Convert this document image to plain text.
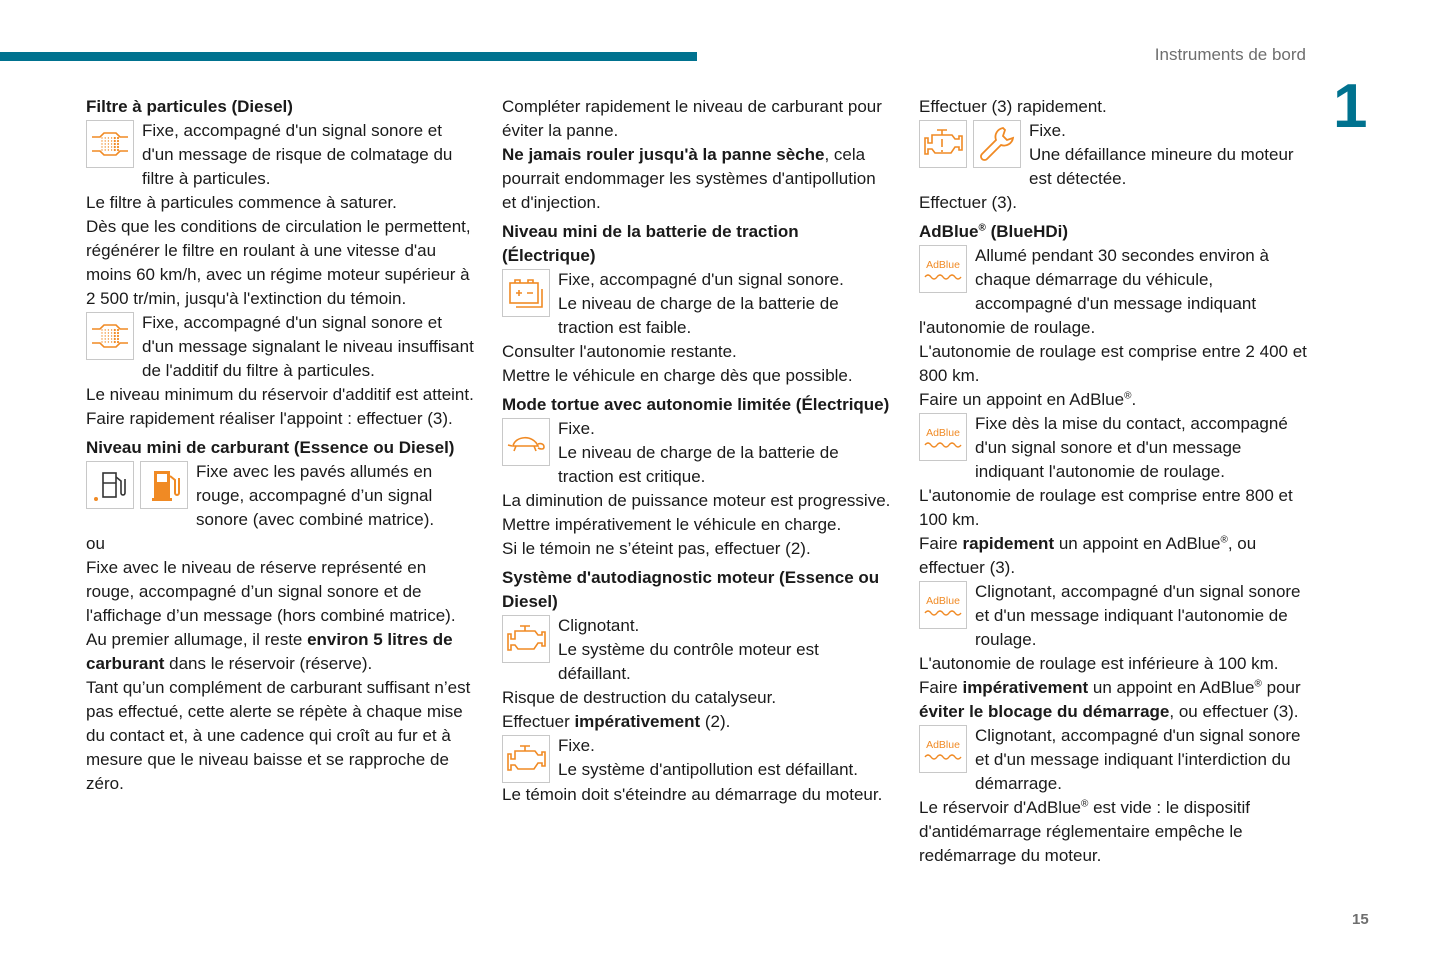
Instruments de bord
1
15
Filtre à particules (Diesel)
Fixe, accompagné d'un signal sonore et d'un message de risque de colmatage du filtre à particules.
Le filtre à particules commence à saturer.
Dès que les conditions de circulation le permettent, régénérer le filtre en roulant à une vitesse d'au moins 60 km/h, avec un régime moteur supérieur à 2 500 tr/min, jusqu'à l'extinction du témoin.
Fixe, accompagné d'un signal sonore et d'un message signalant le niveau insuffisant de l'additif du filtre à particules.
Le niveau minimum du réservoir d'additif est atteint.
Faire rapidement réaliser l'appoint : effectuer (3).
Niveau mini de carburant (Essence ou Diesel)
Fixe avec les pavés allumés en rouge, accompagné d’un signal sonore (avec combiné matrice).
ou
Fixe avec le niveau de réserve représenté en rouge, accompagné d’un signal sonore et de l'affichage d’un message (hors combiné matrice).
Au premier allumage, il reste environ 5 litres de carburant dans le réservoir (réserve).
Tant qu’un complément de carburant suffisant n’est pas effectué, cette alerte se répète à chaque mise du contact et, à une cadence qui croît au fur et à mesure que le niveau baisse et se rapproche de zéro.
Compléter rapidement le niveau de carburant pour éviter la panne.
Ne jamais rouler jusqu'à la panne sèche, cela pourrait endommager les systèmes d'antipollution et d'injection.
Niveau mini de la batterie de traction (Électrique)
Fixe, accompagné d'un signal sonore.
Le niveau de charge de la batterie de traction est faible.
Consulter l'autonomie restante.
Mettre le véhicule en charge dès que possible.
Mode tortue avec autonomie limitée (Électrique)
Fixe.
Le niveau de charge de la batterie de traction est critique.
La diminution de puissance moteur est progressive.
Mettre impérativement le véhicule en charge.
Si le témoin ne s’éteint pas, effectuer (2).
Système d'autodiagnostic moteur (Essence ou Diesel)
Clignotant.
Le système du contrôle moteur est défaillant.
Risque de destruction du catalyseur.
Effectuer impérativement (2).
Fixe.
Le système d'antipollution est défaillant.
Le témoin doit s'éteindre au démarrage du moteur.
Effectuer (3) rapidement.
Fixe.
Une défaillance mineure du moteur est détectée.
Effectuer (3).
AdBlue® (BlueHDi)
AdBlue Allumé pendant 30 secondes environ à chaque démarrage du véhicule, accompagné d'un message indiquant l'autonomie de roulage.
L'autonomie de roulage est comprise entre 2 400 et 800 km.
Faire un appoint en AdBlue®.
AdBlue Fixe dès la mise du contact, accompagné d'un signal sonore et d'un message indiquant l'autonomie de roulage.
L'autonomie de roulage est comprise entre 800 et 100 km.
Faire rapidement un appoint en AdBlue®, ou effectuer (3).
AdBlue Clignotant, accompagné d'un signal sonore et d'un message indiquant l'autonomie de roulage.
L'autonomie de roulage est inférieure à 100 km.
Faire impérativement un appoint en AdBlue® pour éviter le blocage du démarrage, ou effectuer (3).
AdBlue Clignotant, accompagné d'un signal sonore et d'un message indiquant l'interdiction du démarrage.
Le réservoir d'AdBlue® est vide : le dispositif d'antidémarrage réglementaire empêche le redémarrage du moteur.
